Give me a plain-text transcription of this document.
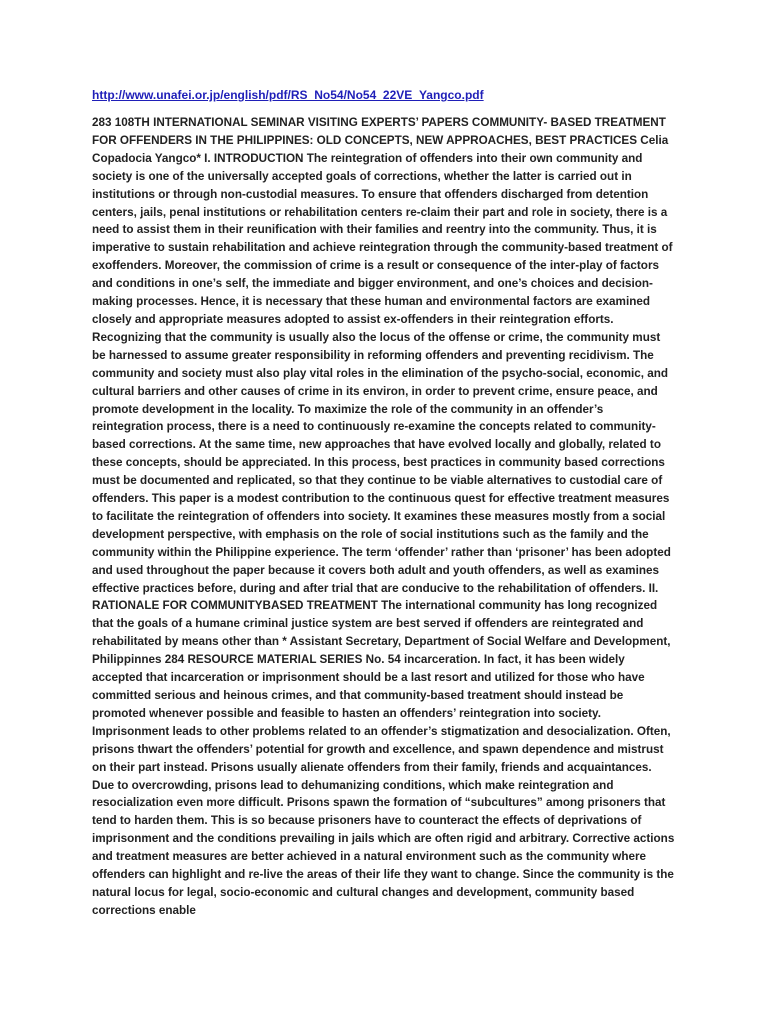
http://www.unafei.or.jp/english/pdf/RS_No54/No54_22VE_Yangco.pdf

283 108TH INTERNATIONAL SEMINAR VISITING EXPERTS’ PAPERS COMMUNITY- BASED TREATMENT FOR OFFENDERS IN THE PHILIPPINES: OLD CONCEPTS, NEW APPROACHES, BEST PRACTICES Celia Copadocia Yangco* I. INTRODUCTION The reintegration of offenders into their own community and society is one of the universally accepted goals of corrections, whether the latter is carried out in institutions or through non-custodial measures. To ensure that offenders discharged from detention centers, jails, penal institutions or rehabilitation centers re-claim their part and role in society, there is a need to assist them in their reunification with their families and reentry into the community. Thus, it is imperative to sustain rehabilitation and achieve reintegration through the community-based treatment of exoffenders. Moreover, the commission of crime is a result or consequence of the inter-play of factors and conditions in one’s self, the immediate and bigger environment, and one’s choices and decision-making processes. Hence, it is necessary that these human and environmental factors are examined closely and appropriate measures adopted to assist ex-offenders in their reintegration efforts. Recognizing that the community is usually also the locus of the offense or crime, the community must be harnessed to assume greater responsibility in reforming offenders and preventing recidivism. The community and society must also play vital roles in the elimination of the psycho-social, economic, and cultural barriers and other causes of crime in its environ, in order to prevent crime, ensure peace, and promote development in the locality. To maximize the role of the community in an offender’s reintegration process, there is a need to continuously re-examine the concepts related to community-based corrections. At the same time, new approaches that have evolved locally and globally, related to these concepts, should be appreciated. In this process, best practices in community based corrections must be documented and replicated, so that they continue to be viable alternatives to custodial care of offenders. This paper is a modest contribution to the continuous quest for effective treatment measures to facilitate the reintegration of offenders into society. It examines these measures mostly from a social development perspective, with emphasis on the role of social institutions such as the family and the community within the Philippine experience. The term ‘offender’ rather than ‘prisoner’ has been adopted and used throughout the paper because it covers both adult and youth offenders, as well as examines effective practices before, during and after trial that are conducive to the rehabilitation of offenders. II. RATIONALE FOR COMMUNITYBASED TREATMENT The international community has long recognized that the goals of a humane criminal justice system are best served if offenders are reintegrated and rehabilitated by means other than * Assistant Secretary, Department of Social Welfare and Development, Philippinnes 284 RESOURCE MATERIAL SERIES No. 54 incarceration. In fact, it has been widely accepted that incarceration or imprisonment should be a last resort and utilized for those who have committed serious and heinous crimes, and that community-based treatment should instead be promoted whenever possible and feasible to hasten an offenders’ reintegration into society. Imprisonment leads to other problems related to an offender’s stigmatization and desocialization. Often, prisons thwart the offenders’ potential for growth and excellence, and spawn dependence and mistrust on their part instead. Prisons usually alienate offenders from their family, friends and acquaintances. Due to overcrowding, prisons lead to dehumanizing conditions, which make reintegration and resocialization even more difficult. Prisons spawn the formation of “subcultures” among prisoners that tend to harden them. This is so because prisoners have to counteract the effects of deprivations of imprisonment and the conditions prevailing in jails which are often rigid and arbitrary. Corrective actions and treatment measures are better achieved in a natural environment such as the community where offenders can highlight and re-live the areas of their life they want to change. Since the community is the natural locus for legal, socio-economic and cultural changes and development, community based corrections enable
